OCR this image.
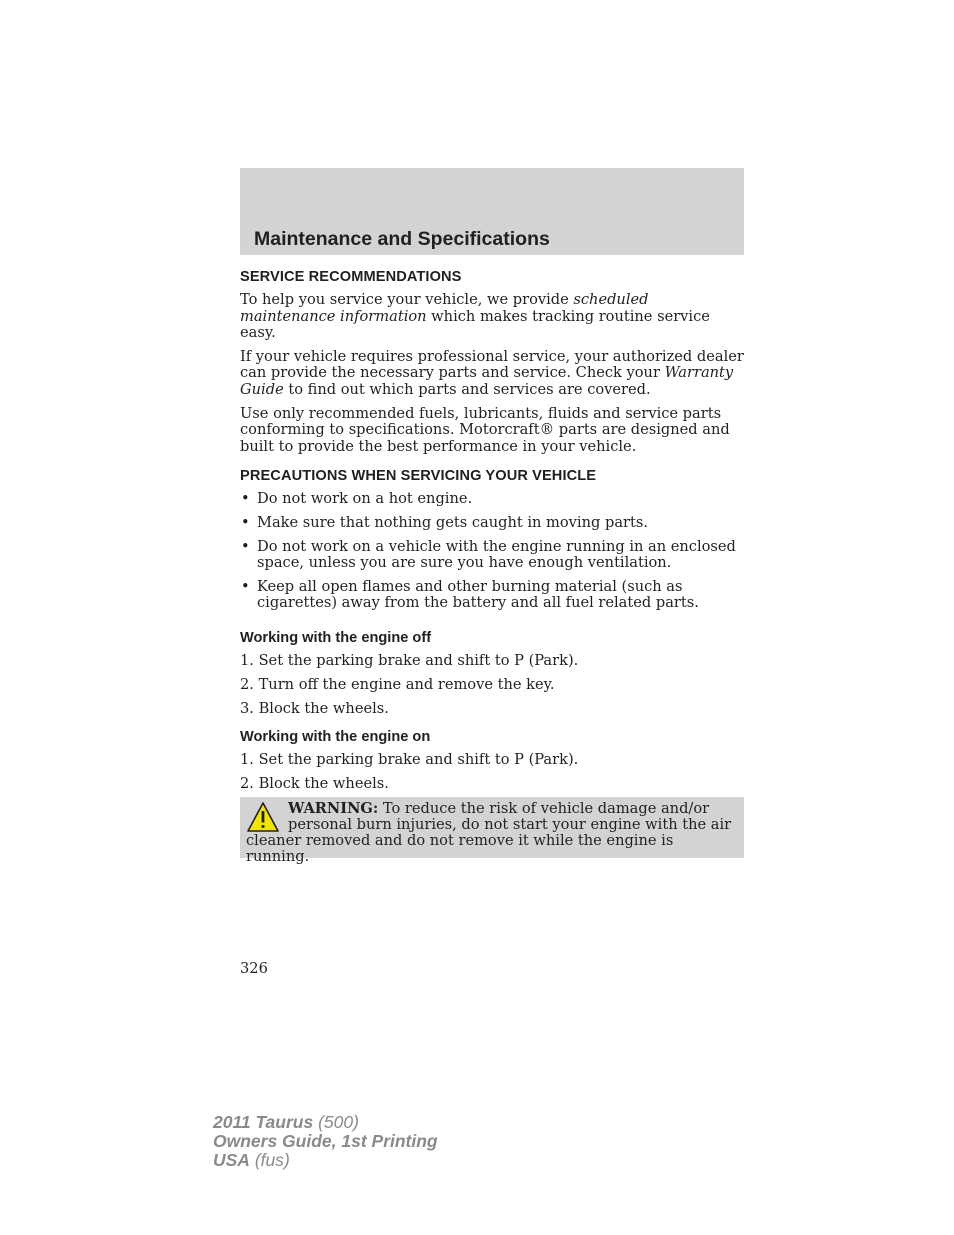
Maintenance and Specifications
SERVICE RECOMMENDATIONS

To help you service your vehicle, we provide scheduled maintenance information which makes tracking routine service easy.

If your vehicle requires professional service, your authorized dealer can provide the necessary parts and service. Check your Warranty Guide to find out which parts and services are covered.

Use only recommended fuels, lubricants, fluids and service parts conforming to specifications. Motorcraft® parts are designed and built to provide the best performance in your vehicle.

PRECAUTIONS WHEN SERVICING YOUR VEHICLE
• Do not work on a hot engine.
• Make sure that nothing gets caught in moving parts.
• Do not work on a vehicle with the engine running in an enclosed space, unless you are sure you have enough ventilation.
• Keep all open flames and other burning material (such as cigarettes) away from the battery and all fuel related parts.
Working with the engine off
1. Set the parking brake and shift to P (Park).
2. Turn off the engine and remove the key.
3. Block the wheels.
Working with the engine on
1. Set the parking brake and shift to P (Park).
2. Block the wheels.
WARNING: To reduce the risk of vehicle damage and/or personal burn injuries, do not start your engine with the air cleaner removed and do not remove it while the engine is running.
326
2011 Taurus (500)
Owners Guide, 1st Printing
USA (fus)
